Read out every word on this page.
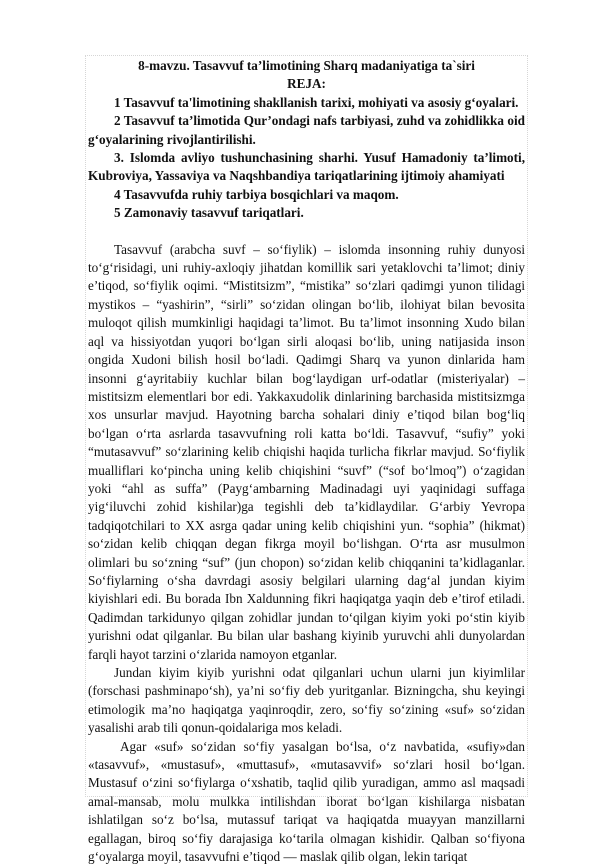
8-mavzu. Tasavvuf ta’limotining Sharq madaniyatiga ta`siri

REJA:

1 Tasavvuf ta'limotining shakllanish tarixi, mohiyati va asosiy g‘oyalari.

2 Tasavvuf ta’limotida Qur’ondagi nafs tarbiyasi, zuhd va zohidlikka oid g‘oyalarining rivojlantirilishi.

3. Islomda avliyo tushunchasining sharhi. Yusuf Hamadoniy ta’limoti, Kubroviya, Yassaviya va Naqshbandiya tariqatlarining ijtimoiy ahamiyati

4 Tasavvufda ruhiy tarbiya bosqichlari va maqom.

5 Zamonaviy tasavvuf tariqatlari.

Tasavvuf (arabcha suvf – so‘fiylik) – islomda insonning ruhiy dunyosi to‘g‘risidagi, uni ruhiy-axloqiy jihatdan komillik sari yetaklovchi ta’limot; diniy e’tiqod, so‘fiylik oqimi. “Mistitsizm”, “mistika” so‘zlari qadimgi yunon tilidagi mystikos – “yashirin”, “sirli” so‘zidan olingan bo‘lib, ilohiyat bilan bevosita muloqot qilish mumkinligi haqidagi ta’limot. Bu ta’limot insonning Xudo bilan aql va hissiyotdan yuqori bo‘lgan sirli aloqasi bo‘lib, uning natijasida inson ongida Xudoni bilish hosil bo‘ladi. Qadimgi Sharq va yunon dinlarida ham insonni g‘ayritabiiy kuchlar bilan bog‘laydigan urf-odatlar (misteriyalar) – mistitsizm elementlari bor edi. Yakkaxudolik dinlarining barchasida mistitsizmga xos unsurlar mavjud. Hayotning barcha sohalari diniy e’tiqod bilan bog‘liq bo‘lgan o‘rta asrlarda tasavvufning roli katta bo‘ldi. Tasavvuf, “sufiy” yoki “mutasavvuf” so‘zlarining kelib chiqishi haqida turlicha fikrlar mavjud. So‘fiylik mualliflari ko‘pincha uning kelib chiqishini “suvf” (“sof bo‘lmoq”) o‘zagidan yoki “ahl as suffa” (Payg‘ambarning Madinadagi uyi yaqinidagi suffaga yig‘iluvchi zohid kishilar)ga tegishli deb ta’kidlaydilar. G‘arbiy Yevropa tadqiqotchilari to XX asrga qadar uning kelib chiqishini yun. “sophia” (hikmat) so‘zidan kelib chiqqan degan fikrga moyil bo‘lishgan. O‘rta asr musulmon olimlari bu so‘zning “suf” (jun chopon) so‘zidan kelib chiqqanini ta’kidlaganlar. So‘fiylarning o‘sha davrdagi asosiy belgilari ularning dag‘al jundan kiyim kiyishlari edi. Bu borada Ibn Xaldunning fikri haqiqatga yaqin deb e’tirof etiladi. Qadimdan tarkidunyo qilgan zohidlar jundan to‘qilgan kiyim yoki po‘stin kiyib yurishni odat qilganlar. Bu bilan ular bashang kiyinib yuruvchi ahli dunyolardan farqli hayot tarzini o‘zlarida namoyon etganlar.

Jundan kiyim kiyib yurishni odat qilganlari uchun ularni jun kiyimlilar (forschasi pashminapo‘sh), ya’ni so‘fiy deb yuritganlar. Bizningcha, shu keyingi etimologik ma’no haqiqatga yaqinroqdir, zero, so‘fiy so‘zining «suf» so‘zidan yasalishi arab tili qonun-qoidalariga mos keladi.

Agar «suf» so‘zidan so‘fiy yasalgan bo‘lsa, o‘z navbatida, «sufiy»dan «tasavvuf», «mustasuf», «muttasuf», «mutasavvif» so‘zlari hosil bo‘lgan. Mustasuf o‘zini so‘fiylarga o‘xshatib, taqlid qilib yuradigan, ammo asl maqsadi amal-mansab, molu mulkka intilishdan iborat bo‘lgan kishilarga nisbatan ishlatilgan so‘z bo‘lsa, mutassuf tariqat va haqiqatda muayyan manzillarni egallagan, biroq so‘fiy darajasiga ko‘tarila olmagan kishidir. Qalban so‘fiyona g‘oyalarga moyil, tasavvufni e’tiqod — maslak qilib olgan, lekin tariqat
